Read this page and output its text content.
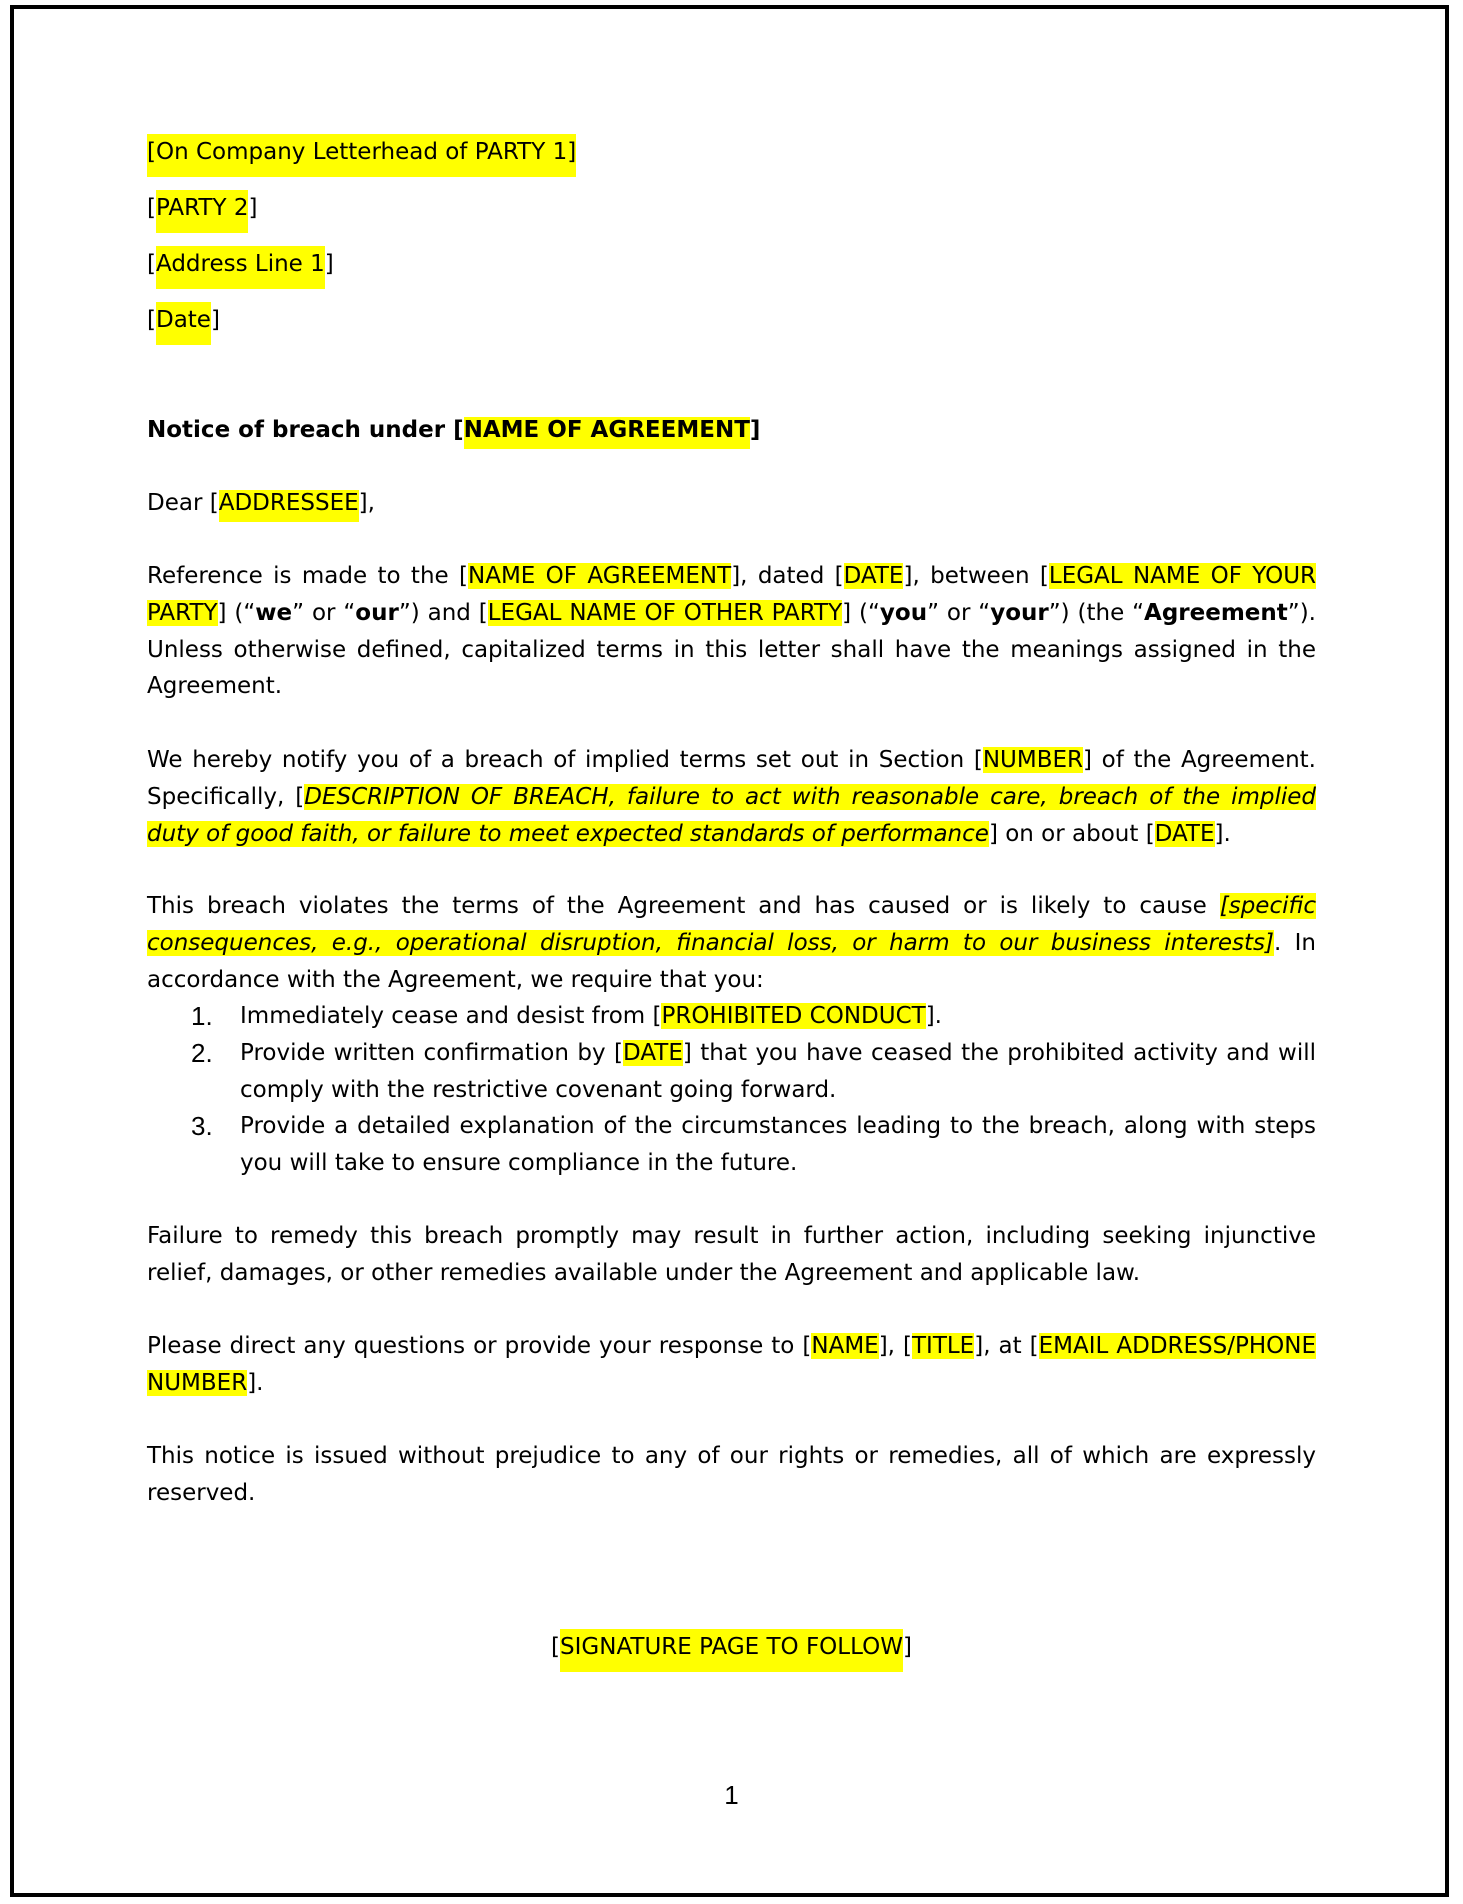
[On Company Letterhead of PARTY 1]
[PARTY 2]
[Address Line 1]
[Date]
Notice of breach under [NAME OF AGREEMENT]
Dear [ADDRESSEE],
Reference is made to the [NAME OF AGREEMENT], dated [DATE], between [LEGAL NAME OF YOUR PARTY] (“we” or “our”) and [LEGAL NAME OF OTHER PARTY] (“you” or “your”) (the “Agreement”). Unless otherwise defined, capitalized terms in this letter shall have the meanings assigned in the Agreement.
We hereby notify you of a breach of implied terms set out in Section [NUMBER] of the Agreement. Specifically, [DESCRIPTION OF BREACH, failure to act with reasonable care, breach of the implied duty of good faith, or failure to meet expected standards of performance] on or about [DATE].
This breach violates the terms of the Agreement and has caused or is likely to cause [specific consequences, e.g., operational disruption, financial loss, or harm to our business interests]. In accordance with the Agreement, we require that you:
1.	Immediately cease and desist from [PROHIBITED CONDUCT].
2.	Provide written confirmation by [DATE] that you have ceased the prohibited activity and will comply with the restrictive covenant going forward.
3.	Provide a detailed explanation of the circumstances leading to the breach, along with steps you will take to ensure compliance in the future.
Failure to remedy this breach promptly may result in further action, including seeking injunctive relief, damages, or other remedies available under the Agreement and applicable law.
Please direct any questions or provide your response to [NAME], [TITLE], at [EMAIL ADDRESS/PHONE NUMBER].
This notice is issued without prejudice to any of our rights or remedies, all of which are expressly reserved.
[SIGNATURE PAGE TO FOLLOW]
1
